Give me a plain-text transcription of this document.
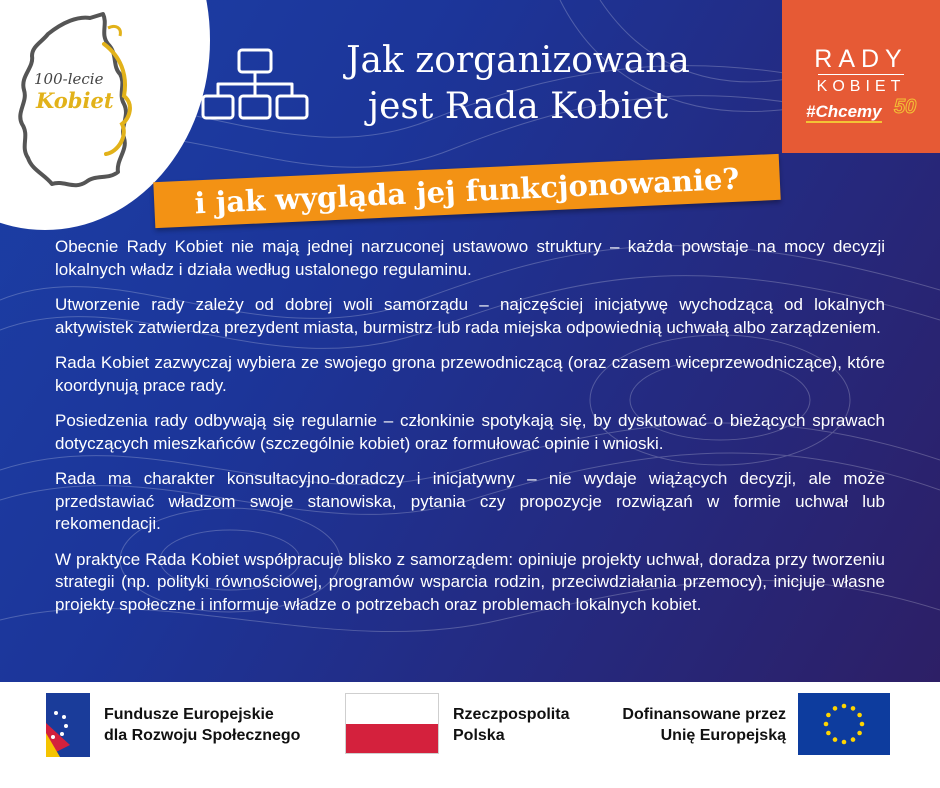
100-lecie
Kobiet
Jak zorganizowana
jest Rada Kobiet
RADY
KOBIET
#Chcemy 50
i jak wygląda jej funkcjonowanie?

Obecnie Rady Kobiet nie mają jednej narzuconej ustawowo struktury – każda powstaje na mocy decyzji lokalnych władz i działa według ustalonego regulaminu.

Utworzenie rady zależy od dobrej woli samorządu – najczęściej inicjatywę wychodzącą od lokalnych aktywistek zatwierdza prezydent miasta, burmistrz lub rada miejska odpowiednią uchwałą albo zarządzeniem.

Rada Kobiet zazwyczaj wybiera ze swojego grona przewodniczącą (oraz czasem wiceprzewodniczące), które koordynują prace rady.

Posiedzenia rady odbywają się regularnie – członkinie spotykają się, by dyskutować o bieżących sprawach dotyczących mieszkańców (szczególnie kobiet) oraz formułować opinie i wnioski.

Rada ma charakter konsultacyjno-doradczy i inicjatywny – nie wydaje wiążących decyzji, ale może przedstawiać władzom swoje stanowiska, pytania czy propozycje rozwiązań w formie uchwał lub rekomendacji.

W praktyce Rada Kobiet współpracuje blisko z samorządem: opiniuje projekty uchwał, doradza przy tworzeniu strategii (np. polityki równościowej, programów wsparcia rodzin, przeciwdziałania przemocy), inicjuje własne projekty społeczne i informuje władze o potrzebach oraz problemach lokalnych kobiet.

Fundusze Europejskie
dla Rozwoju Społecznego
Rzeczpospolita
Polska
Dofinansowane przez
Unię Europejską
